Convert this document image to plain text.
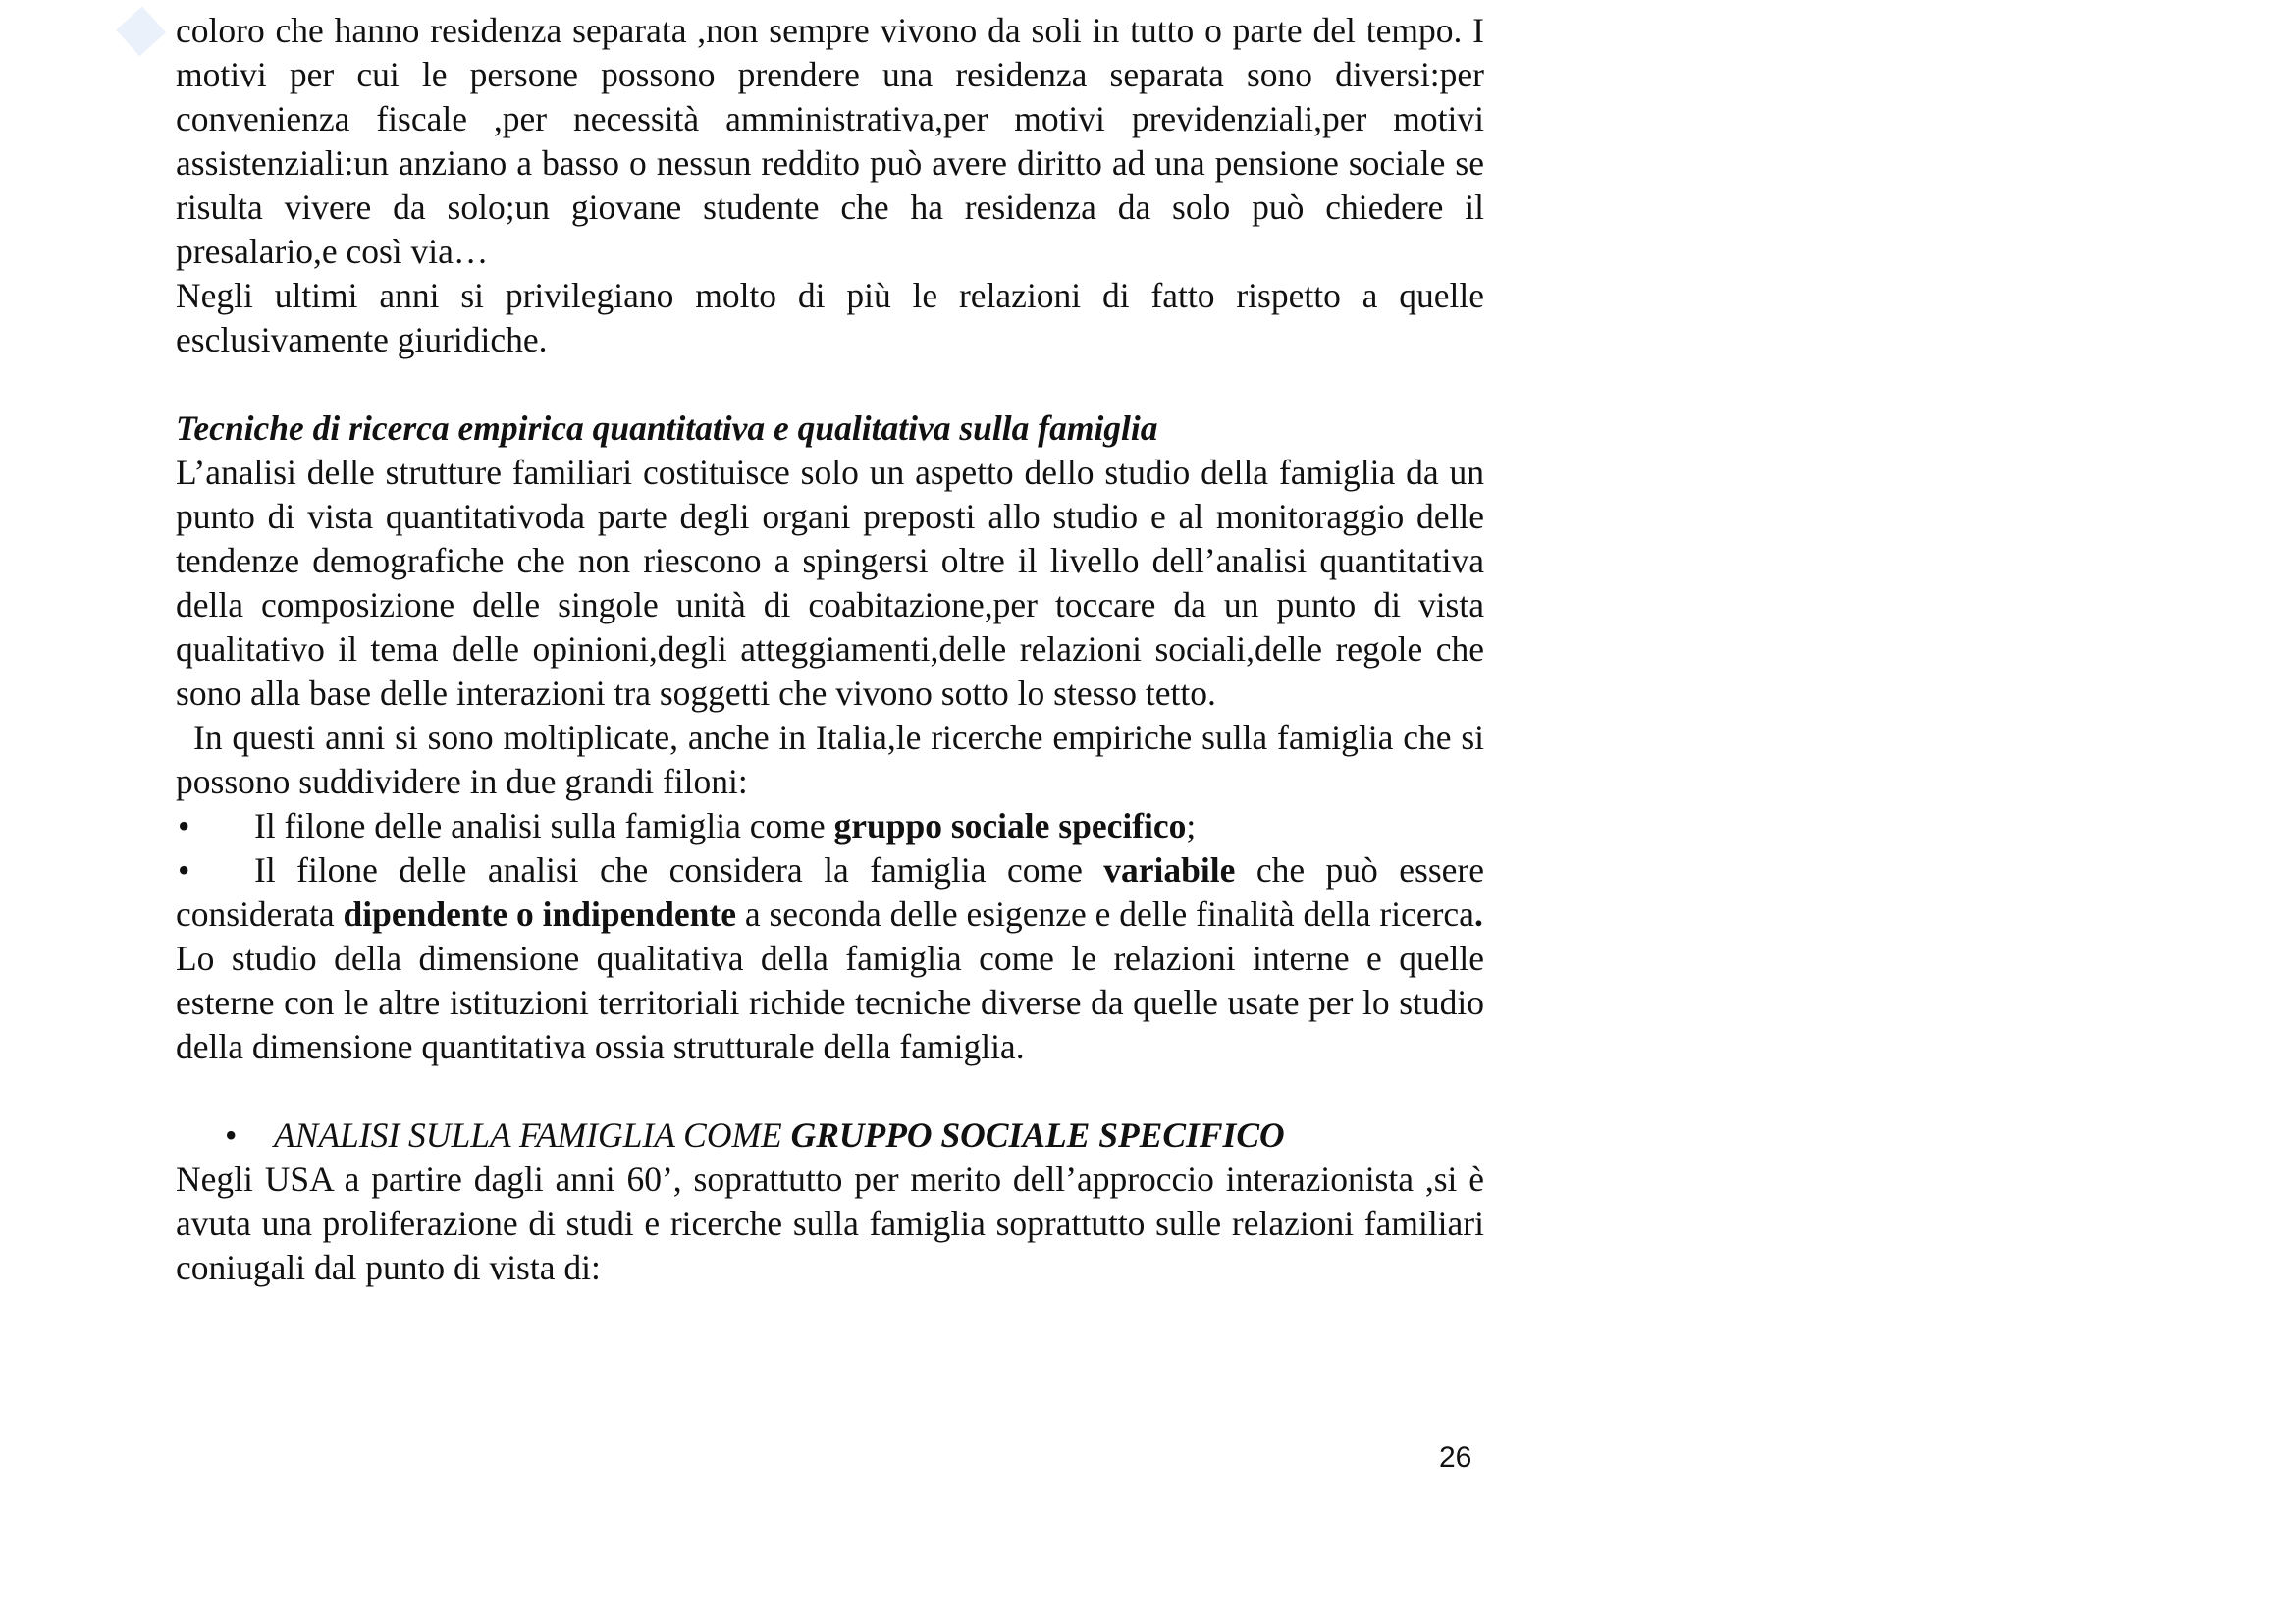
coloro che hanno residenza separata ,non sempre vivono da soli in tutto o parte del tempo. I motivi per cui le persone possono prendere una residenza separata sono diversi:per convenienza fiscale ,per necessità amministrativa,per motivi previdenziali,per motivi assistenziali:un anziano a basso o nessun reddito può avere diritto ad una pensione sociale se risulta vivere da solo;un giovane studente che ha residenza da solo può chiedere il presalario,e così via…

Negli ultimi anni si privilegiano molto di più le relazioni di fatto rispetto a quelle esclusivamente giuridiche.

Tecniche di ricerca empirica quantitativa e qualitativa sulla famiglia

L’analisi delle strutture familiari costituisce solo un aspetto dello studio della famiglia da un punto di vista quantitativoda parte degli organi preposti allo studio e al monitoraggio delle tendenze demografiche che non riescono a spingersi oltre il livello dell’analisi quantitativa della composizione delle singole unità di coabitazione,per toccare da un punto di vista qualitativo il tema delle opinioni,degli atteggiamenti,delle relazioni sociali,delle regole che sono alla base delle interazioni tra soggetti che vivono sotto lo stesso tetto.

In questi anni si sono moltiplicate, anche in Italia,le ricerche empiriche sulla famiglia che si possono suddividere in due grandi filoni:

• Il filone delle analisi sulla famiglia come gruppo sociale specifico;

• Il filone delle analisi che considera la famiglia come variabile che può essere considerata dipendente o indipendente a seconda delle esigenze e delle finalità della ricerca.

Lo studio della dimensione qualitativa della famiglia come le relazioni interne e quelle esterne con le altre istituzioni territoriali richide tecniche diverse da quelle usate per lo studio della dimensione quantitativa ossia strutturale della famiglia.

• ANALISI SULLA FAMIGLIA COME GRUPPO SOCIALE SPECIFICO

Negli USA a partire dagli anni 60’, soprattutto per merito dell’approccio interazionista ,si è avuta una proliferazione di studi e ricerche sulla famiglia soprattutto sulle relazioni familiari coniugali dal punto di vista di:

26
